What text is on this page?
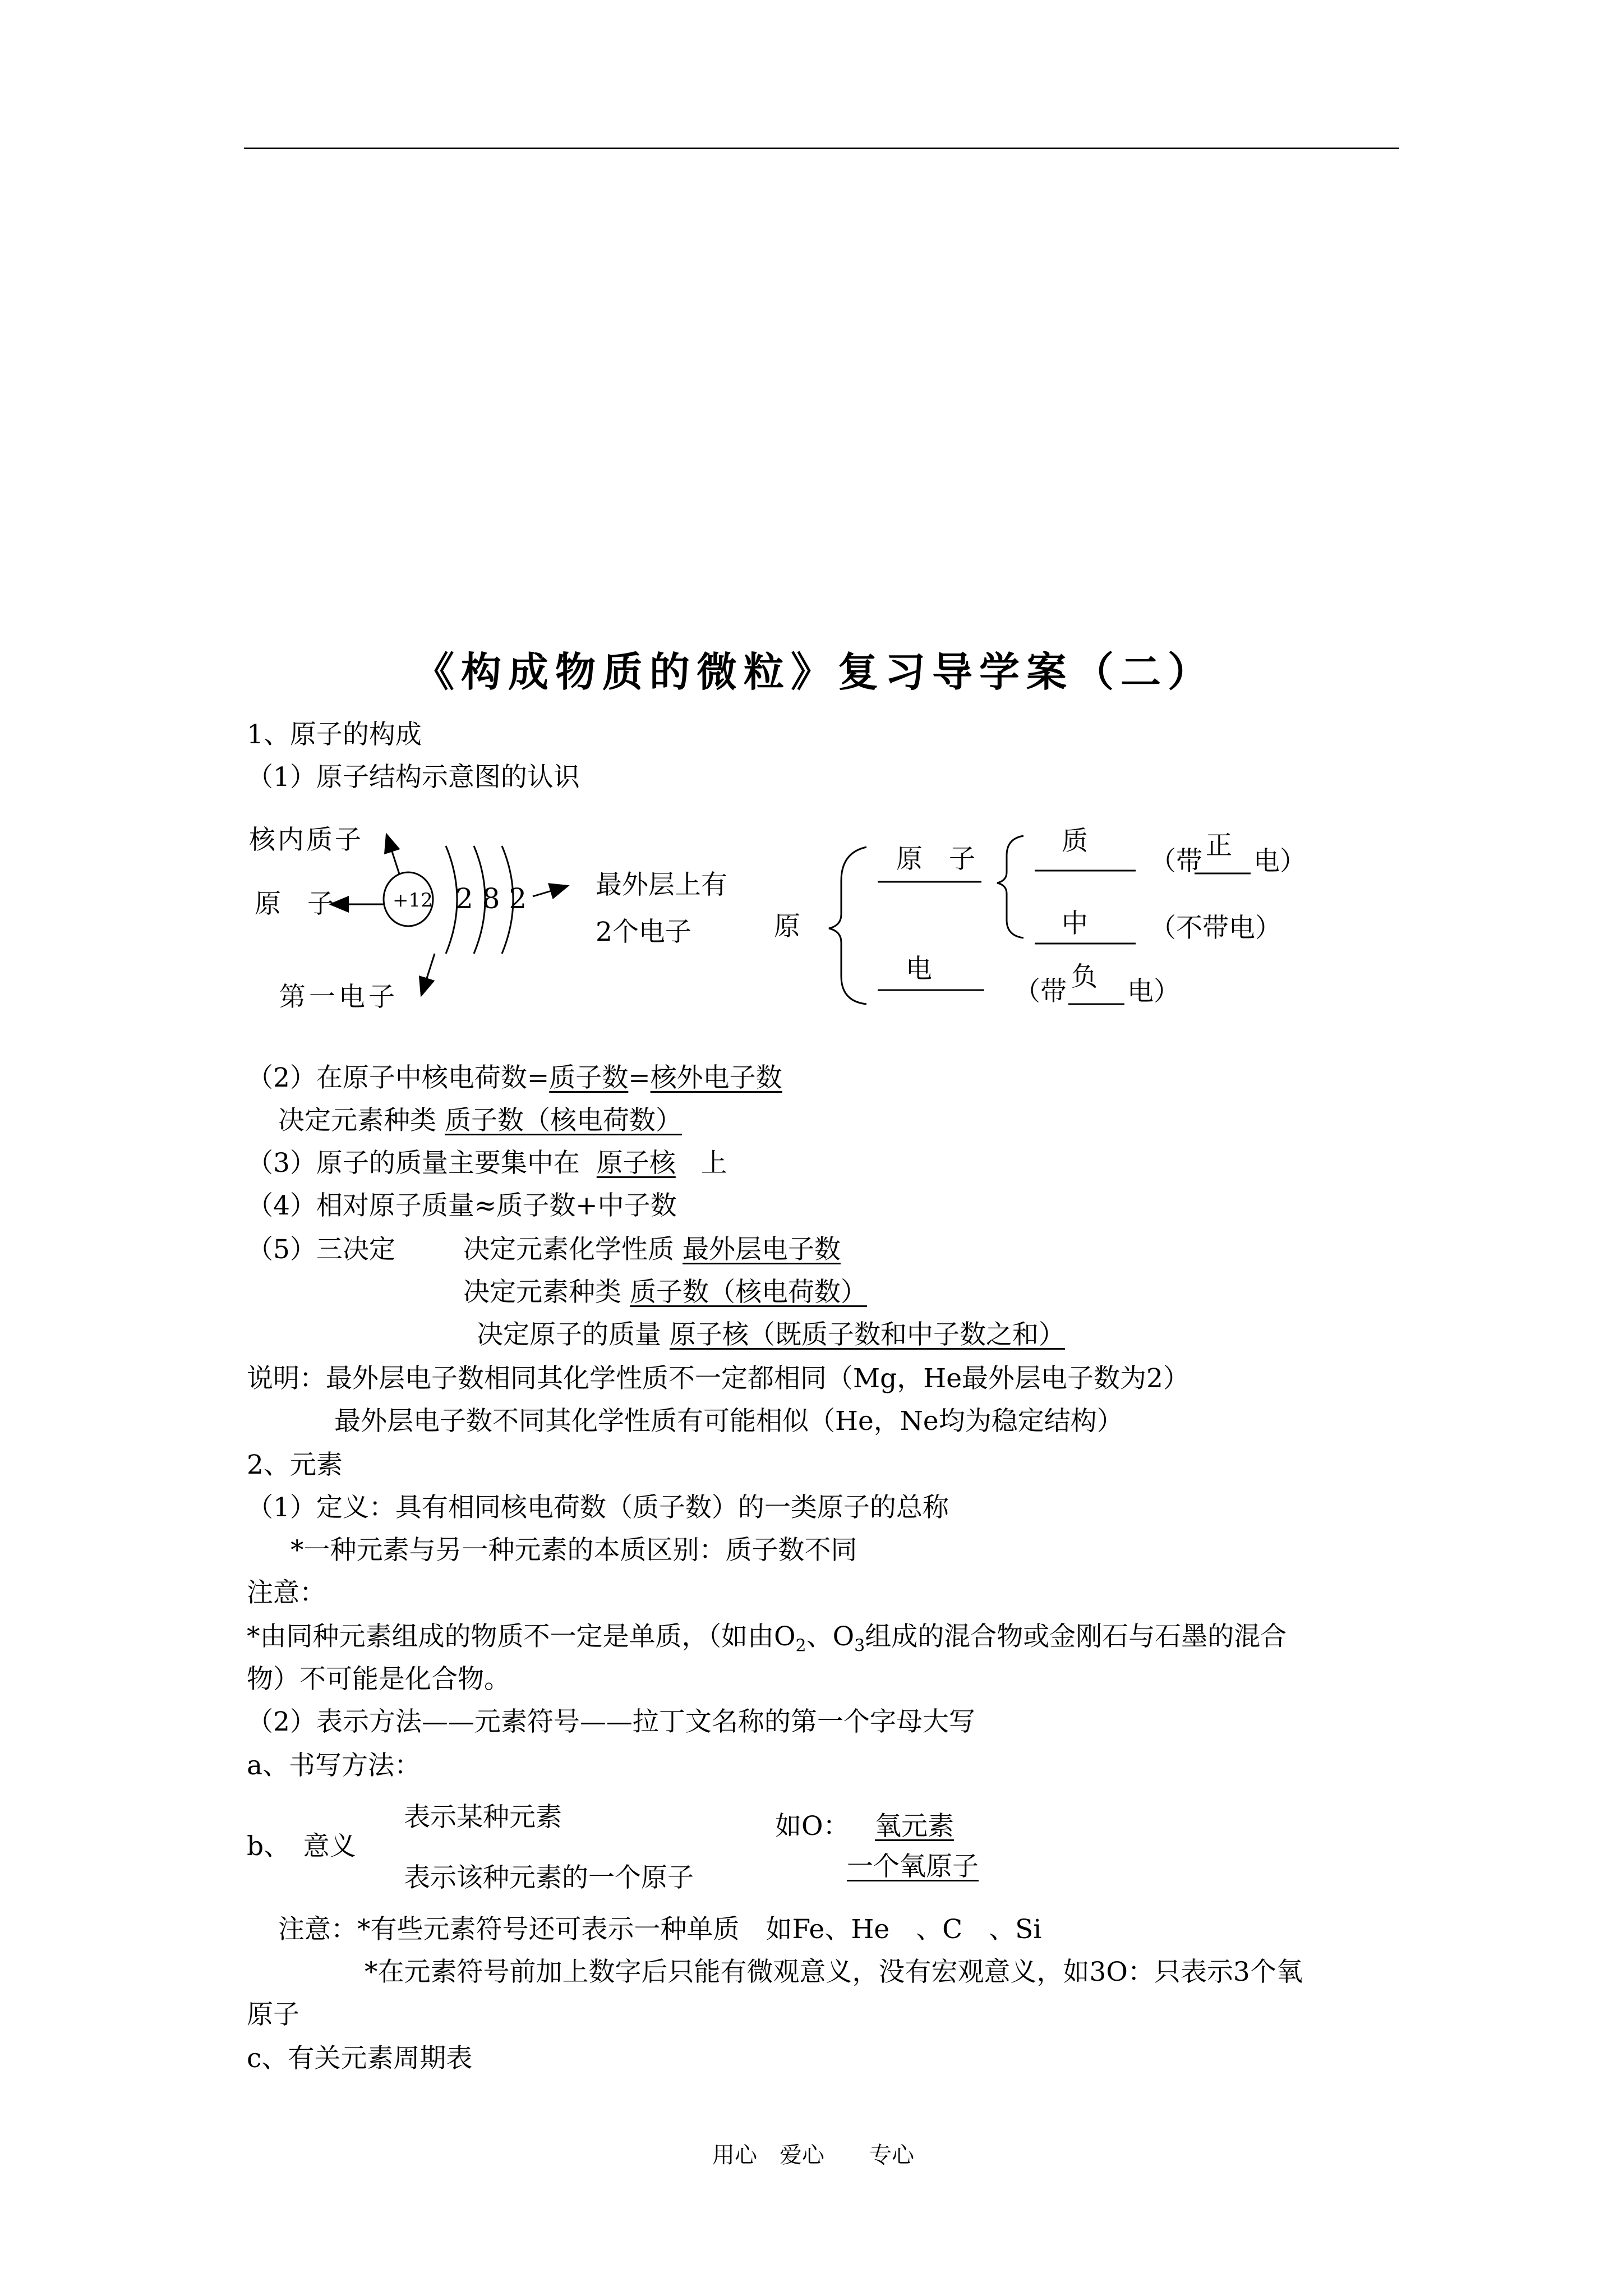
《构成物质的微粒》复习导学案（二）
1、原子的构成
（1）原子结构示意图的认识
核内质子
原　子
第一电子
+12 2 8 2	最外层上有
2个电子	原
原　子
电
质
中
（带
正
电）
（不带电）
（带 负 电）
（2）在原子中核电荷数=质子数=核外电子数
决定元素种类 质子数（核电荷数）
（3）原子的质量主要集中在 原子核 上
（4）相对原子质量≈质子数+中子数
（5）三决定	决定元素化学性质 最外层电子数
决定元素种类 质子数（核电荷数）
决定原子的质量 原子核（既质子数和中子数之和）
说明：最外层电子数相同其化学性质不一定都相同（Mg，He最外层电子数为2）
最外层电子数不同其化学性质有可能相似（He，Ne均为稳定结构）
2、元素
（1）定义：具有相同核电荷数（质子数）的一类原子的总称
*一种元素与另一种元素的本质区别：质子数不同
注意：
*由同种元素组成的物质不一定是单质，（如由$O_2$、$O_3$组成的混合物或金刚石与石墨的混合
物）不可能是化合物。
（2）表示方法——元素符号——拉丁文名称的第一个字母大写
a、书写方法：
b、　意义
表示某种元素
表示该种元素的一个原子
如O： 氧元素
一个氧原子
注意：*有些元素符号还可表示一种单质　如Fe、He　、C　、Si
*在元素符号前加上数字后只能有微观意义，没有宏观意义，如3O：只表示3个氧
原子
c、有关元素周期表
用心　爱心　　专心
